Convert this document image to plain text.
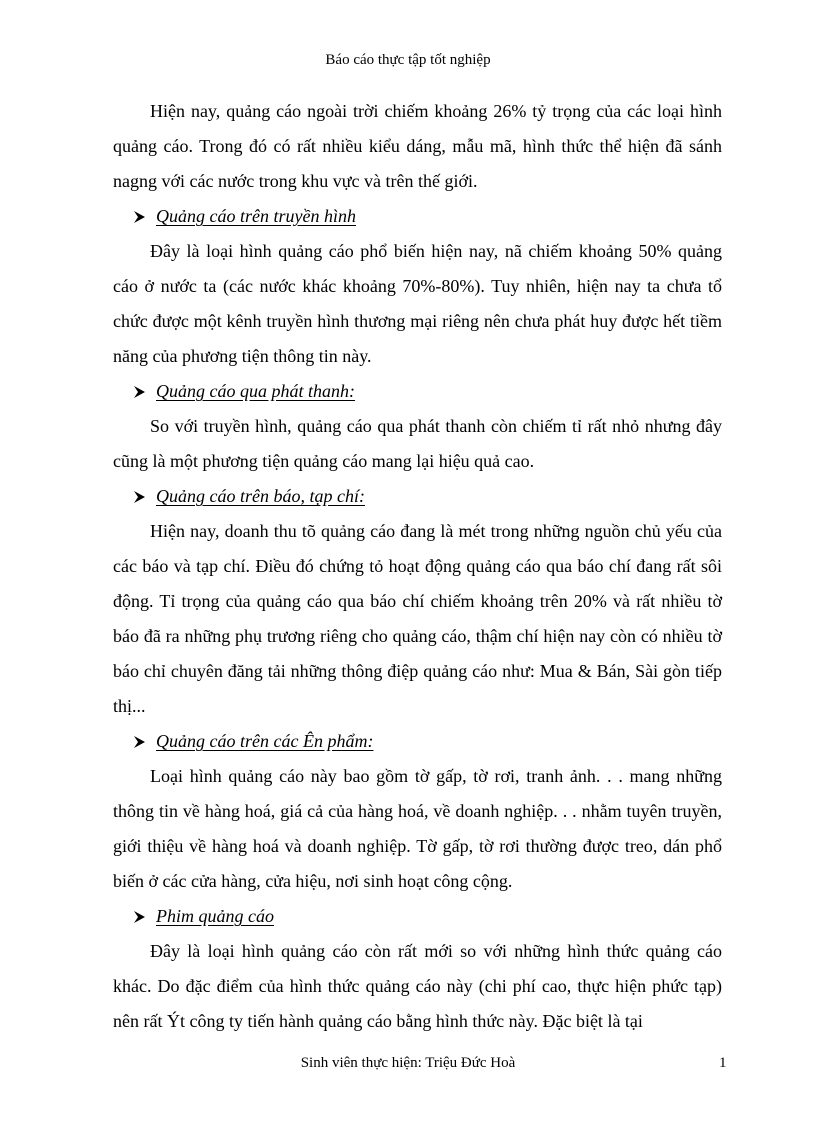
Báo cáo thực tập tốt nghiệp

Hiện nay, quảng cáo ngoài trời chiếm khoảng 26% tỷ trọng của các loại hình quảng cáo. Trong đó có rất nhiều kiểu dáng, mẫu mã, hình thức thể hiện đã sánh nagng với các nước trong khu vực và trên thế giới.

Quảng cáo trên truyền hình

Đây là loại hình quảng cáo phổ biến hiện nay, nã chiếm khoảng 50% quảng cáo ở nước ta (các nước khác khoảng 70%-80%). Tuy nhiên, hiện nay ta chưa tổ chức được một kênh truyền hình thương mại riêng nên chưa phát huy được hết tiềm năng của phương tiện thông tin này.

Quảng cáo qua phát thanh:

So với truyền hình, quảng cáo qua phát thanh còn chiếm tỉ rất nhỏ nhưng đây cũng là một phương tiện quảng cáo mang lại hiệu quả cao.

Quảng cáo trên báo, tạp chí:

Hiện nay, doanh thu tõ quảng cáo đang là mét trong những nguồn chủ yếu của các báo và tạp chí. Điều đó chứng tỏ hoạt động quảng cáo qua báo chí đang rất sôi động. Tỉ trọng của quảng cáo qua báo chí chiếm khoảng trên 20% và rất nhiều tờ báo đã ra những phụ trương riêng cho quảng cáo, thậm chí hiện nay còn có nhiều tờ báo chỉ chuyên đăng tải những thông điệp quảng cáo như: Mua & Bán, Sài gòn tiếp thị...

Quảng cáo trên các Ên phẩm:

Loại hình quảng cáo này bao gồm tờ gấp, tờ rơi, tranh ảnh. . . mang những thông tin về hàng hoá, giá cả của hàng hoá, về doanh nghiệp. . . nhằm tuyên truyền, giới thiệu về hàng hoá và doanh nghiệp. Tờ gấp, tờ rơi thường được treo, dán phổ biến ở các cửa hàng, cửa hiệu, nơi sinh hoạt công cộng.

Phim quảng cáo

Đây là loại hình quảng cáo còn rất mới so với những hình thức quảng cáo khác. Do đặc điểm của hình thức quảng cáo này (chi phí cao, thực hiện phức tạp) nên rất Ýt công ty tiến hành quảng cáo bằng hình thức này. Đặc biệt là tại

Sinh viên thực hiện: Triệu Đức Hoà	1
